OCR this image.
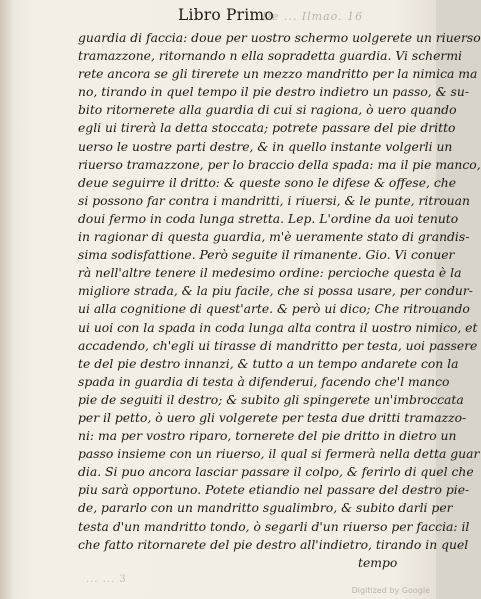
De ... Ilmao. 16
Libro Primo
guardia di faccia: doue per uostro schermo uolgerete un riuerso
tramazzone, ritornando n ella sopradetta guardia. Vi schermi
rete ancora se gli tirerete un mezzo mandritto per la nimica ma
no, tirando in quel tempo il pie destro indietro un passo, & su-
bito ritornerete alla guardia di cui si ragiona, ò uero quando
egli ui tirerà la detta stoccata; potrete passare del pie dritto
uerso le uostre parti destre, & in quello instante volgerli un
riuerso tramazzone, per lo braccio della spada: ma il pie manco,
deue seguirre il dritto: & queste sono le difese & offese, che
si possono far contra i mandritti, i riuersi, & le punte, ritrouan
doui fermo in coda lunga stretta. Lep. L'ordine da uoi tenuto
in ragionar di questa guardia, m'è ueramente stato di grandis-
sima sodisfattione. Però seguite il rimanente. Gio. Vi conuer
rà nell'altre tenere il medesimo ordine: percioche questa è la
migliore strada, & la piu facile, che si possa usare, per condur-
ui alla cognitione di quest'arte. & però ui dico; Che ritrouando
ui uoi con la spada in coda lunga alta contra il uostro nimico, et
accadendo, ch'egli ui tirasse di mandritto per testa, uoi passere
te del pie destro innanzi, & tutto a un tempo andarete con la
spada in guardia di testa à difenderui, facendo che'l manco
pie de seguiti il destro; & subito gli spingerete un'imbroccata
per il petto, ò uero gli volgerete per testa due dritti tramazzo-
ni: ma per vostro riparo, tornerete del pie dritto in dietro un
passo insieme con un riuerso, il qual si fermerà nella detta guar
dia. Si puo ancora lasciar passare il colpo, & ferirlo di quel che
piu sarà opportuno. Potete etiandio nel passare del destro pie-
de, pararlo con un mandritto sgualimbro, & subito darli per
testa d'un mandritto tondo, ò segarli d'un riuerso per faccia: il
che fatto ritornarete del pie destro all'indietro, tirando in quel
tempo
... ... 3
Digitized by Google
